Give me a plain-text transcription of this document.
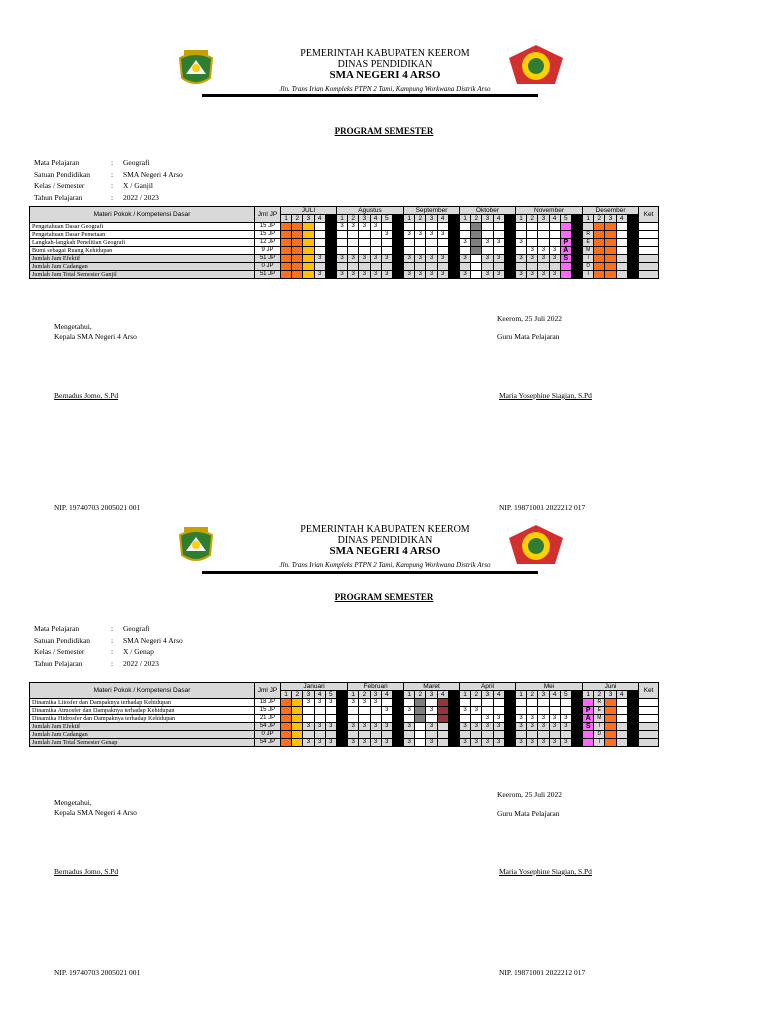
PEMERINTAH KABUPATEN KEEROM
DINAS PENDIDIKAN
SMA NEGERI 4 ARSO
Jln. Trans Irian Kompleks PTPN 2 Tami, Kampung Workwana Distrik Arso
PROGRAM SEMESTER
Mata Pelajaran	:	Geografi
Satuan Pendidikan	:	SMA Negeri 4 Arso
Kelas / Semester	:	X / Ganjil
Tahun Pelajaran	:	2022 / 2023
Materi Pokok / Kompetensi Dasar	Jml JP	JULI					Agustus						September					Oktober					November						Desember					Ket
		1	2	3	4		1	2	3	4	5		1	2	3	4		1	2	3	4		1	2	3	4	5		1	2	3	4		
Pengetahuan Dasar Geografi	15 JP						3	3	3	3																								
Pengetahuan Dasar Pemetaan	15 JP										3		3	3	3	3													R					
Langkah-langkah Penelitian Geografi	12 JP																	3		3	3		3				P		E					
Bumi sebagai Ruang Kehidupan	9 JP																							3	3	3	A		M					
Jumlah Jam Efektif	51 JP				3		3	3	3	3	3		3	3	3	3		3		3	3		3	3	3	3	S		I					
Jumlah Jam Cadangan	0 JP																												D					
Jumlah Jam Total Semester Ganjil	51 JP				3		3	3	3	3	3		3	3	3	3		3		3	3		3	3	3	3			I					
Keerom, 25 Juli 2022
Mengetahui,
Kepala SMA Negeri 4 Arso	Guru Mata Pelajaran
Bernadus Jomo, S.Pd	Maria Yosephine Siagian, S.Pd
NIP. 19740703 2005021 001	NIP. 19871001 2022212 017
PEMERINTAH KABUPATEN KEEROM
DINAS PENDIDIKAN
SMA NEGERI 4 ARSO
Jln. Trans Irian Kompleks PTPN 2 Tami, Kampung Workwana Distrik Arso
PROGRAM SEMESTER
Mata Pelajaran	:	Geografi
Satuan Pendidikan	:	SMA Negeri 4 Arso
Kelas / Semester	:	X / Genap
Tahun Pelajaran	:	2022 / 2023
Materi Pokok / Kompetensi Dasar	Jml JP	Januari						Februari					Maret					April					Mei						Juni					Ket
		1	2	3	4	5		1	2	3	4		1	2	3	4		1	2	3	4		1	2	3	4	5		1	2	3	4		
Dinamika Litosfer dan Dampaknya terhadap Kehidupan	18 JP			3	3	3		3	3	3																				R				
Dinamika Atmosfer dan Dampaknya terhadap Kehidupan	15 JP										3		3		3			3	3										P	E				
Dinamika Hidrosfer dan Dampaknya terhadap Kehidupan	21 JP																			3	3		3	3	3	3	3		A	M				
Jumlah Jam Efektif	54 JP			3	3	3		3	3	3	3		3		3			3	3	3	3		3	3	3	3	3		S	I				
Jumlah Jam Cadangan	0 JP																													D				
Jumlah Jam Total Semester Genap	54 JP			3	3	3		3	3	3	3		3		3			3	3	3	3		3	3	3	3	3			I				
Keerom, 25 Juli 2022
Mengetahui,
Kepala SMA Negeri 4 Arso	Guru Mata Pelajaran
Bernadus Jomo, S.Pd	Maria Yosephine Siagian, S.Pd
NIP. 19740703 2005021 001	NIP. 19871001 2022212 017
